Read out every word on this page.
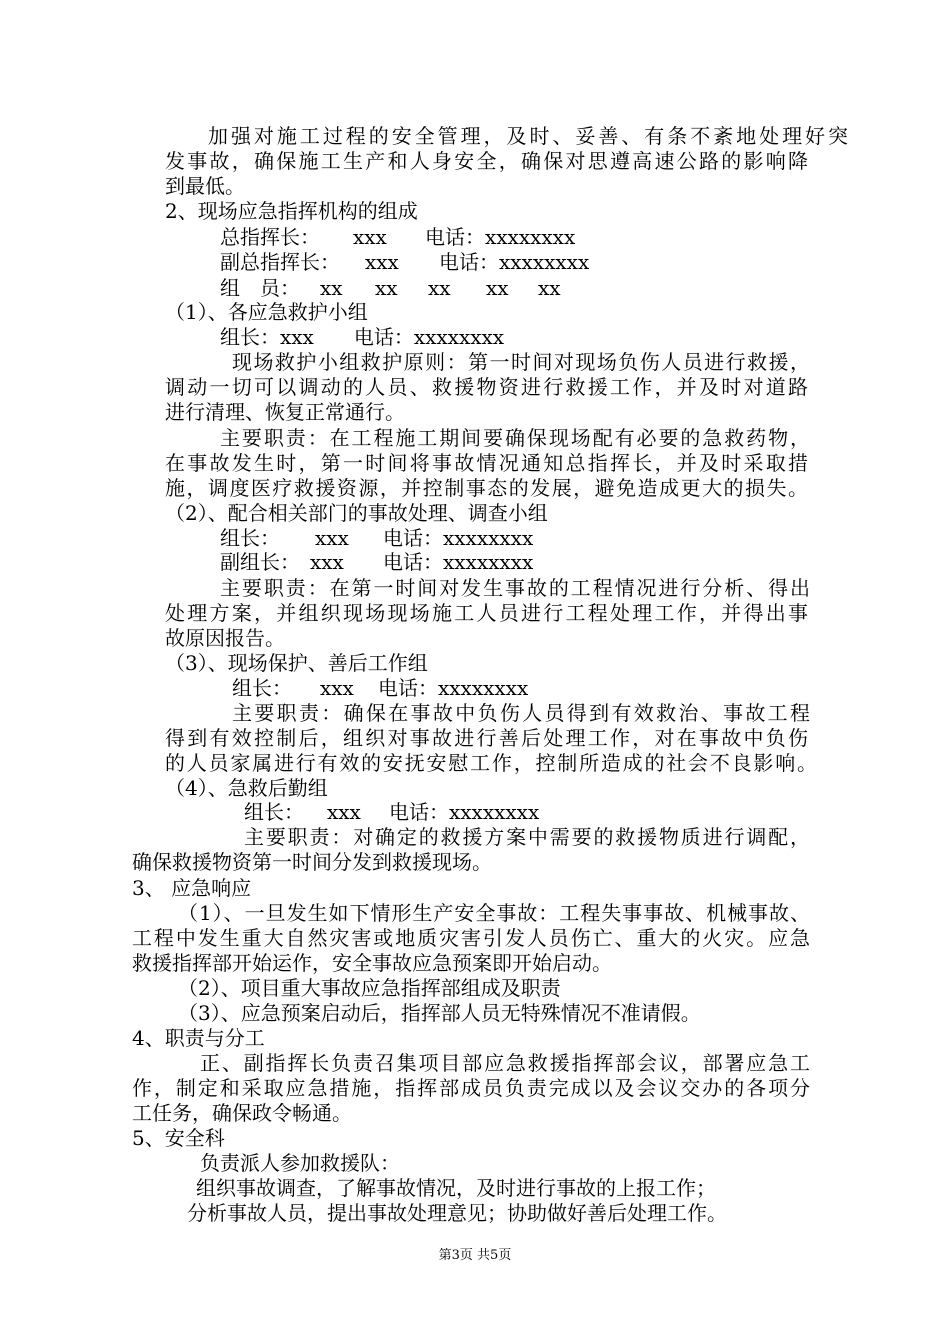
加强对施工过程的安全管理，及时、妥善、有条不紊地处理好突
发事故，确保施工生产和人身安全，确保对思遵高速公路的影响降
到最低。
2、现场应急指挥机构的组成
总指挥长： xxx 电话：xxxxxxxx
副总指挥长： xxx 电话：xxxxxxxx
组　员： xx xx xx xx xx
（1）、各应急救护小组
组长：xxx　　电话：xxxxxxxx
现场救护小组救护原则：第一时间对现场负伤人员进行救援，
调动一切可以调动的人员、救援物资进行救援工作，并及时对道路
进行清理、恢复正常通行。
主要职责：在工程施工期间要确保现场配有必要的急救药物，
在事故发生时，第一时间将事故情况通知总指挥长，并及时采取措
施，调度医疗救援资源，并控制事态的发展，避免造成更大的损失。
（2）、配合相关部门的事故处理、调查小组
组长： xxx 电话：xxxxxxxx
副组长： xxx 电话：xxxxxxxx
主要职责：在第一时间对发生事故的工程情况进行分析、得出
处理方案，并组织现场现场施工人员进行工程处理工作，并得出事
故原因报告。
（3）、现场保护、善后工作组
组长： xxx 电话：xxxxxxxx
主要职责：确保在事故中负伤人员得到有效救治、事故工程
得到有效控制后，组织对事故进行善后处理工作，对在事故中负伤
的人员家属进行有效的安抚安慰工作，控制所造成的社会不良影响。
（4）、急救后勤组
组长： xxx 电话：xxxxxxxx
主要职责：对确定的救援方案中需要的救援物质进行调配，
确保救援物资第一时间分发到救援现场。
3、 应急响应
（1）、一旦发生如下情形生产安全事故：工程失事事故、机械事故、
工程中发生重大自然灾害或地质灾害引发人员伤亡、重大的火灾。应急
救援指挥部开始运作，安全事故应急预案即开始启动。
（2）、项目重大事故应急指挥部组成及职责
（3）、应急预案启动后，指挥部人员无特殊情况不准请假。
4、职责与分工
正、副指挥长负责召集项目部应急救援指挥部会议，部署应急工
作，制定和采取应急措施，指挥部成员负责完成以及会议交办的各项分
工任务，确保政令畅通。
5、安全科
负责派人参加救援队：
组织事故调查，了解事故情况，及时进行事故的上报工作；
分析事故人员，提出事故处理意见；协助做好善后处理工作。
第3页 共5页
